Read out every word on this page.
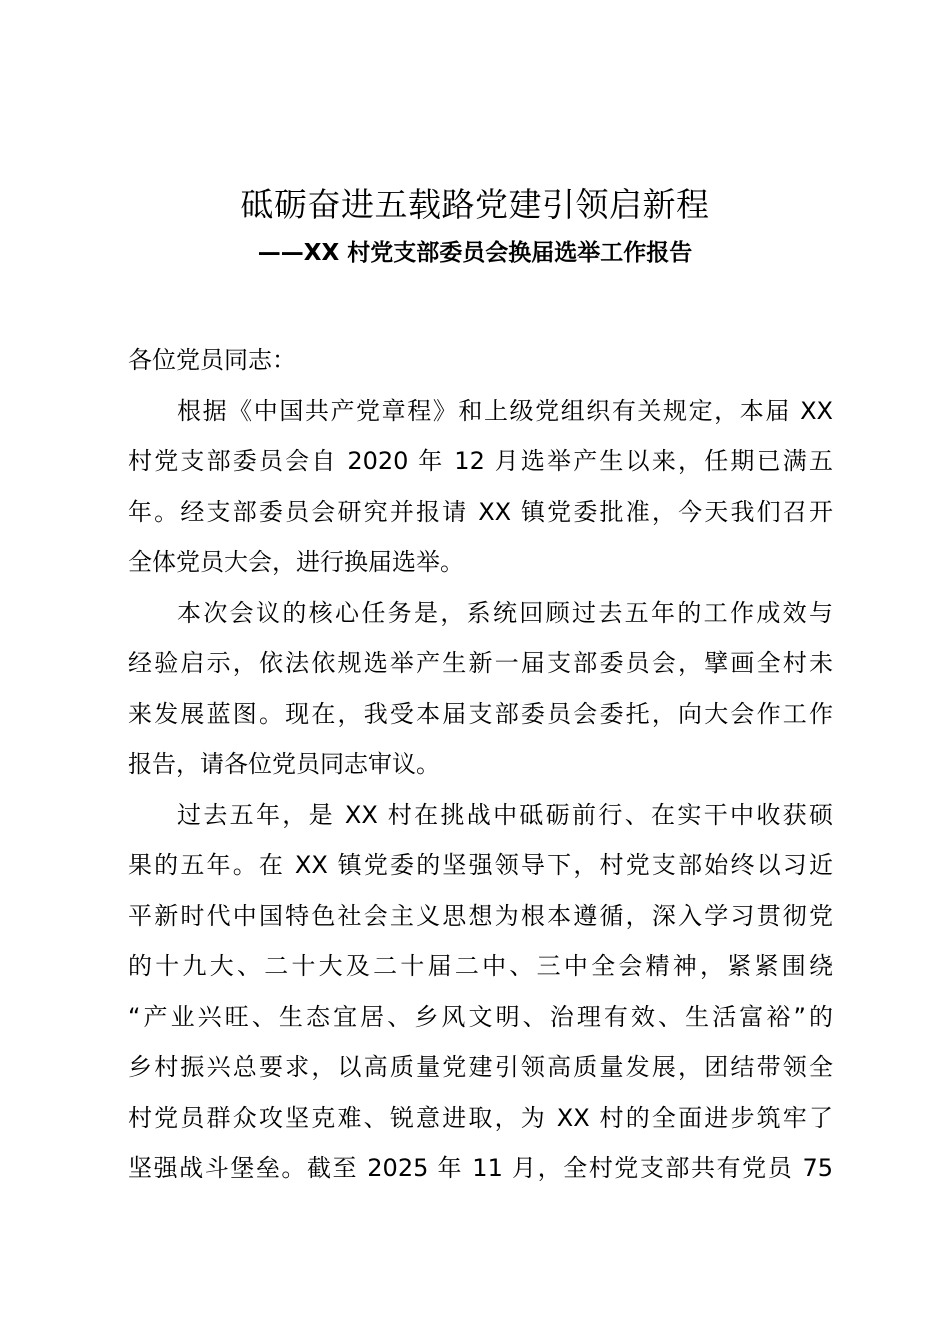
砥砺奋进五载路党建引领启新程
——XX 村党支部委员会换届选举工作报告
各位党员同志：
根据《中国共产党章程》和上级党组织有关规定，本届 XX
村党支部委员会自 2020 年 12 月选举产生以来，任期已满五
年。经支部委员会研究并报请 XX 镇党委批准，今天我们召开
全体党员大会，进行换届选举。
本次会议的核心任务是，系统回顾过去五年的工作成效与
经验启示，依法依规选举产生新一届支部委员会，擘画全村未
来发展蓝图。现在，我受本届支部委员会委托，向大会作工作
报告，请各位党员同志审议。
过去五年，是 XX 村在挑战中砥砺前行、在实干中收获硕
果的五年。在 XX 镇党委的坚强领导下，村党支部始终以习近
平新时代中国特色社会主义思想为根本遵循，深入学习贯彻党
的十九大、二十大及二十届二中、三中全会精神，紧紧围绕
“产业兴旺、生态宜居、乡风文明、治理有效、生活富裕”的
乡村振兴总要求，以高质量党建引领高质量发展，团结带领全
村党员群众攻坚克难、锐意进取，为 XX 村的全面进步筑牢了
坚强战斗堡垒。截至 2025 年 11 月，全村党支部共有党员 75
